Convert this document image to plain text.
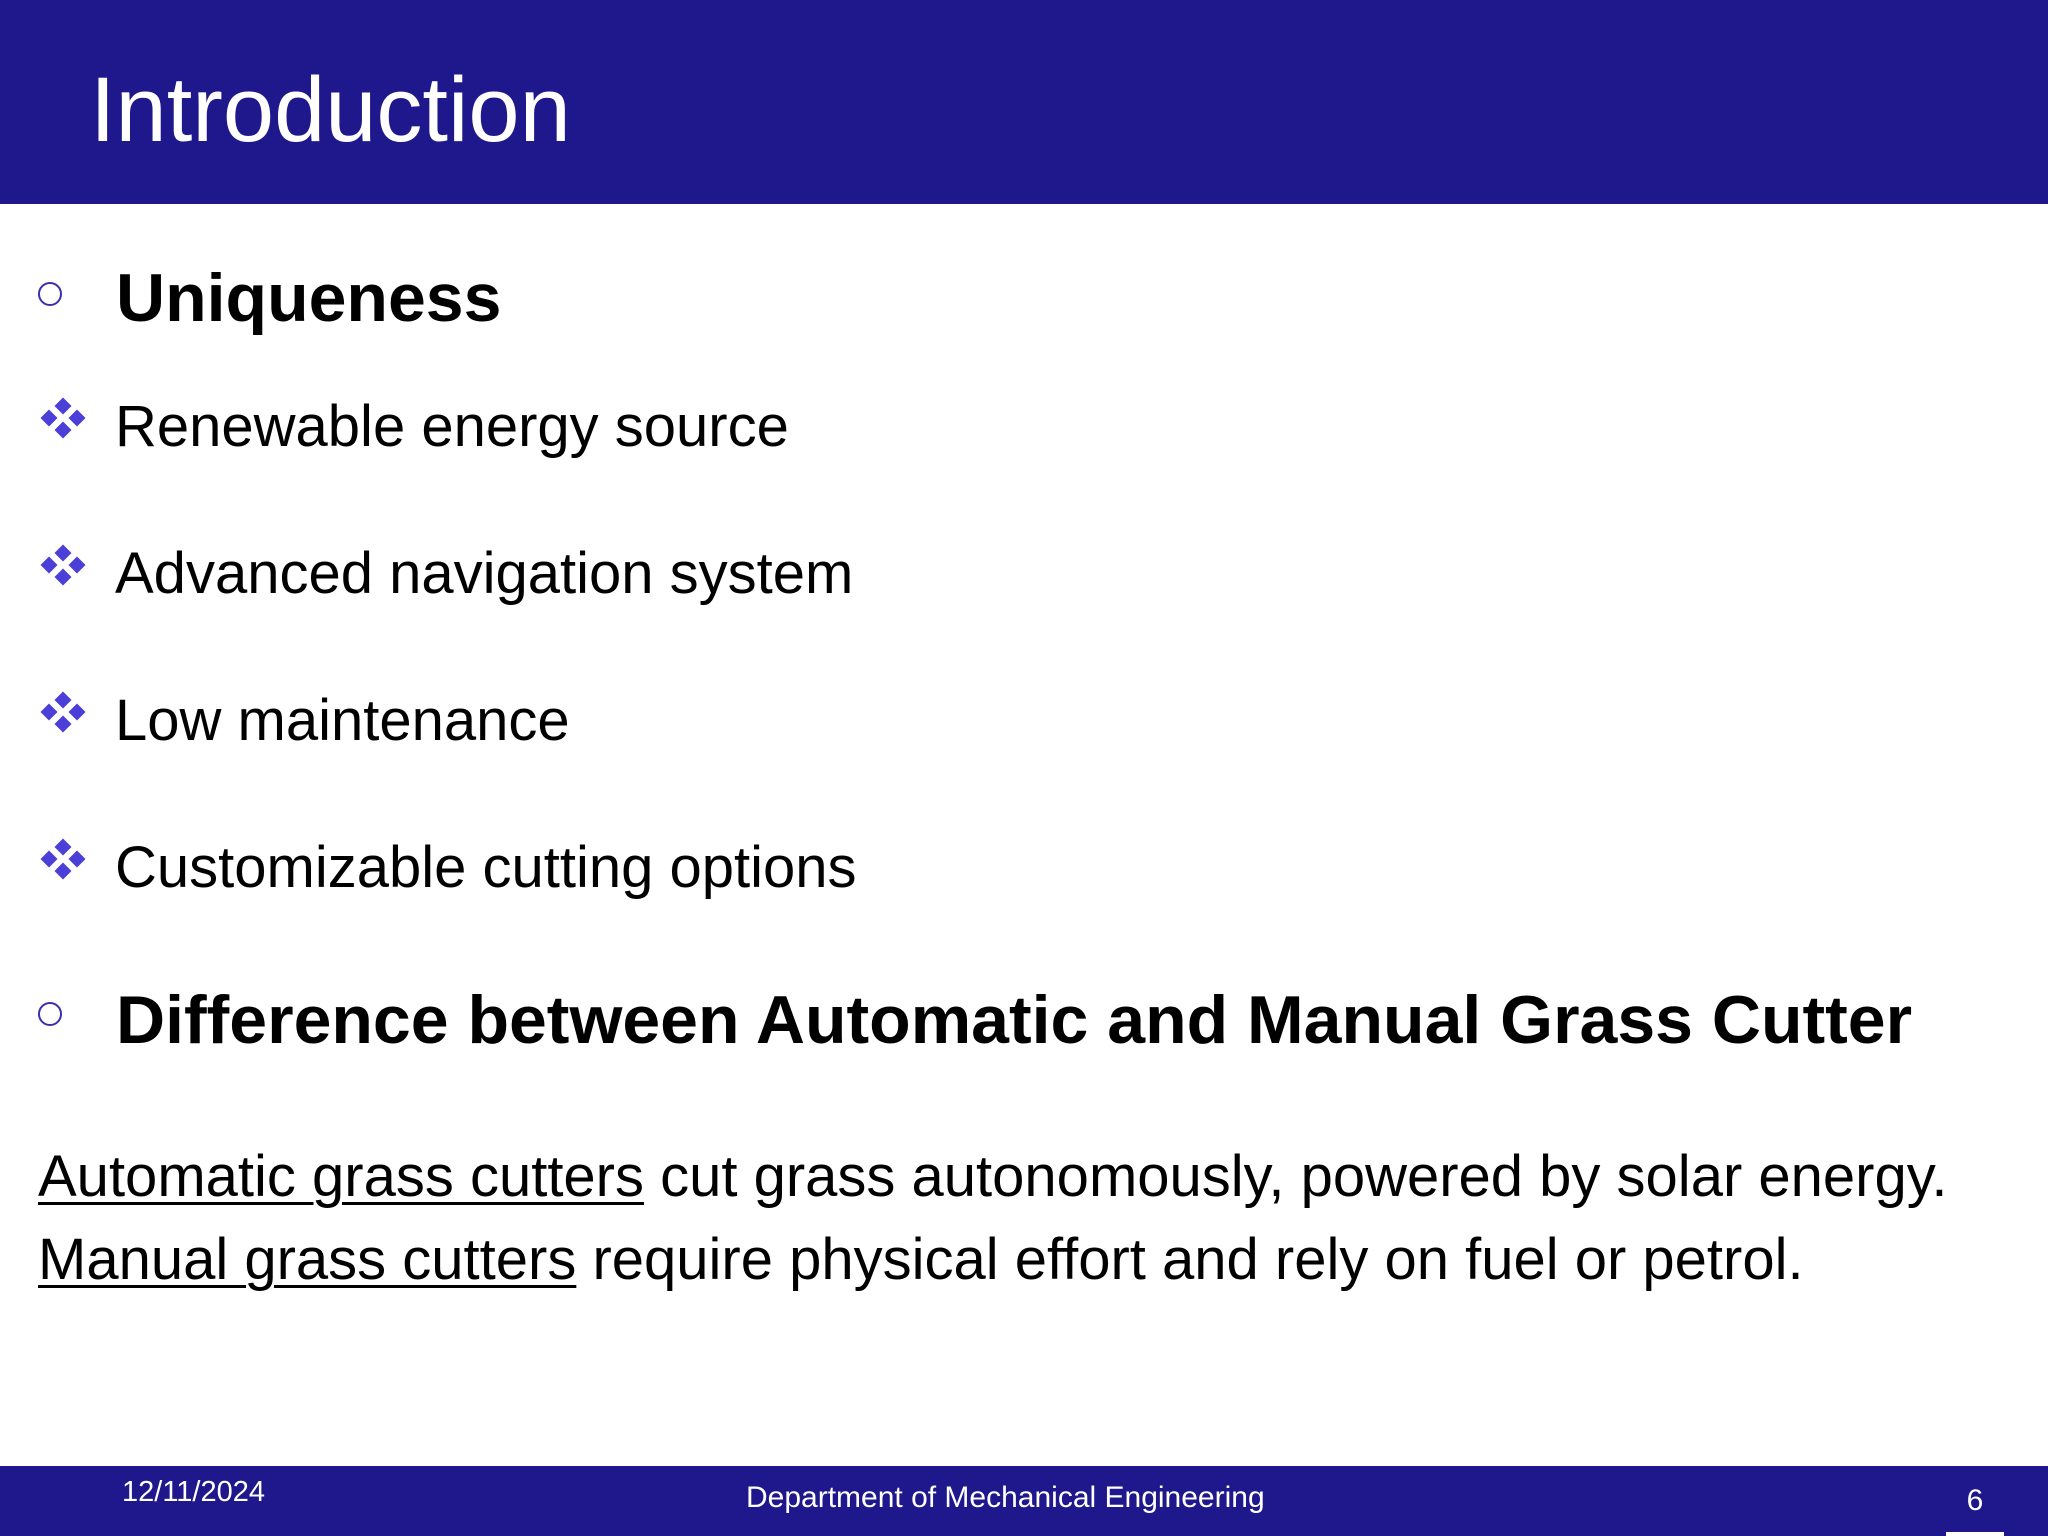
Introduction
Uniqueness
Renewable energy source
Advanced navigation system
Low maintenance
Customizable cutting options
Difference between Automatic and Manual Grass Cutter
Automatic grass cutters cut grass autonomously, powered by solar energy. Manual grass cutters require physical effort and rely on fuel or petrol.
12/11/2024	Department of Mechanical Engineering	6
